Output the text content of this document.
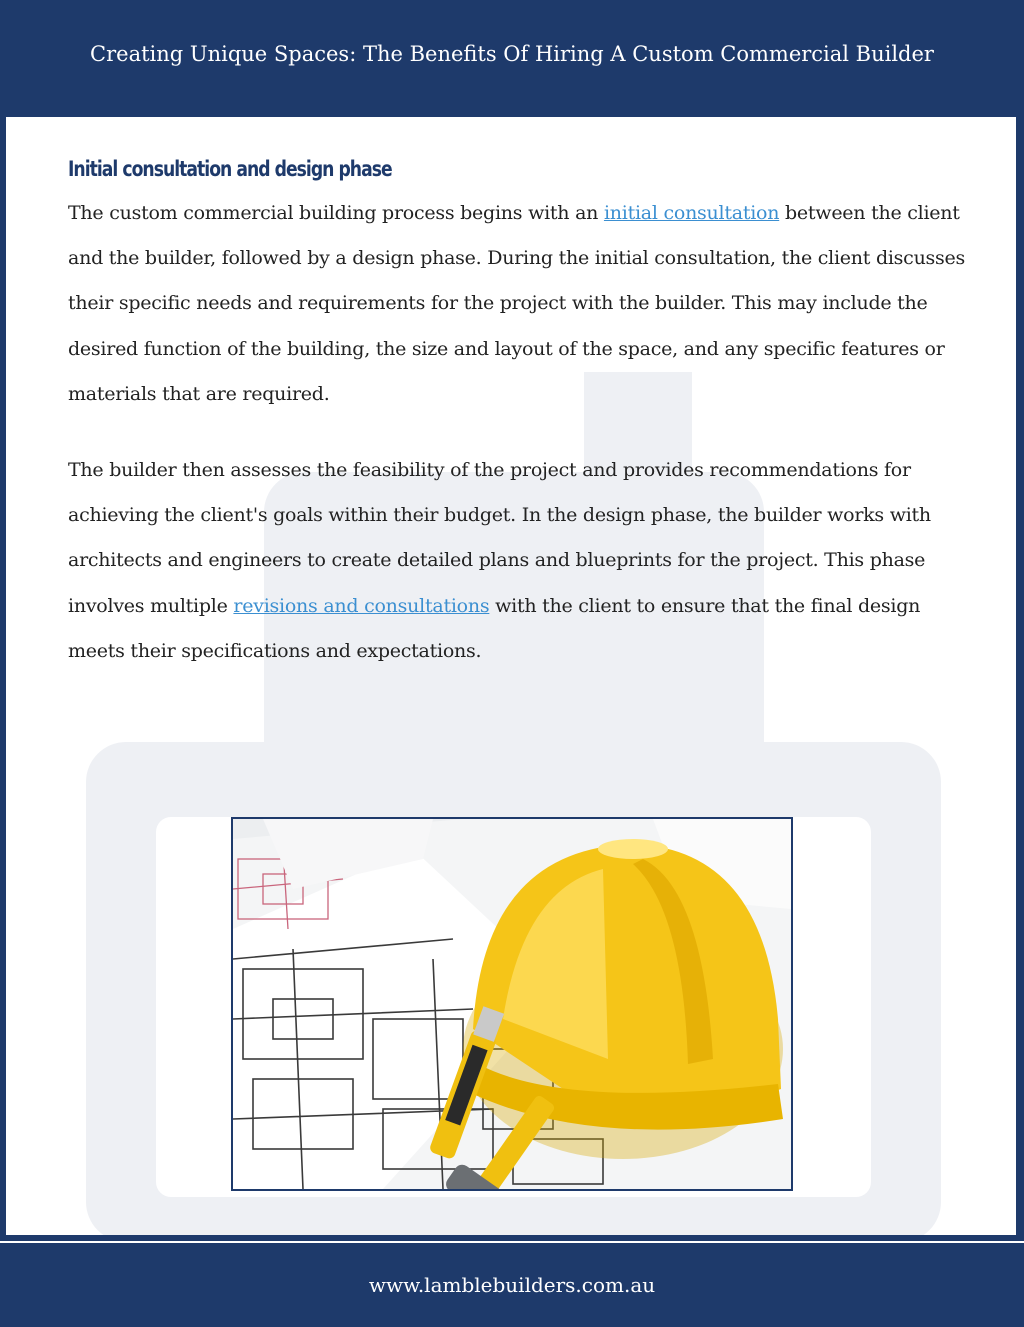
Creating Unique Spaces: The Benefits Of Hiring A Custom Commercial Builder
Initial consultation and design phase

The custom commercial building process begins with an initial consultation between the client and the builder, followed by a design phase. During the initial consultation, the client discusses their specific needs and requirements for the project with the builder. This may include the desired function of the building, the size and layout of the space, and any specific features or materials that are required.

The builder then assesses the feasibility of the project and provides recommendations for achieving the client's goals within their budget. In the design phase, the builder works with architects and engineers to create detailed plans and blueprints for the project. This phase involves multiple revisions and consultations with the client to ensure that the final design meets their specifications and expectations.

www.lamblebuilders.com.au
